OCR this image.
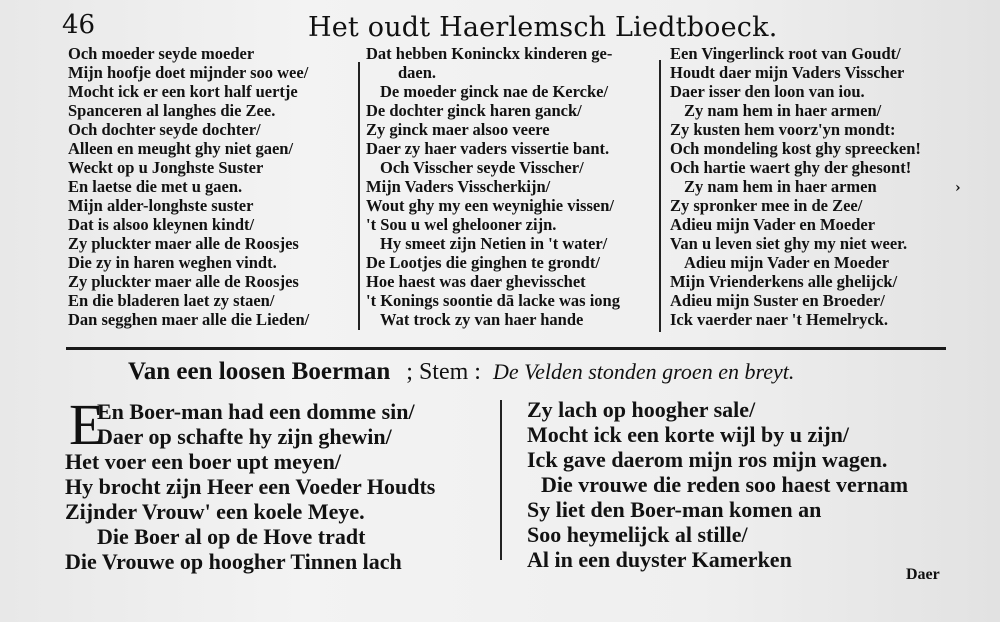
46	Het oudt Haerlemsch Liedtboeck.
Och moeder seyde moeder
Mijn hoofje doet mijnder soo wee/
Mocht ick er een kort half uertje
Spanceren al langhes die Zee.
Och dochter seyde dochter/
Alleen en meught ghy niet gaen/
Weckt op u Jonghste Suster
En laetse die met u gaen.
Mijn alder-longhste suster
Dat is alsoo kleynen kindt/
Zy pluckter maer alle de Roosjes
Die zy in haren weghen vindt.
Zy pluckter maer alle de Roosjes
En die bladeren laet zy staen/
Dan segghen maer alle die Lieden/
Dat hebben Koninckx kinderen ge-
daen.
De moeder ginck nae de Kercke/
De dochter ginck haren ganck/
Zy ginck maer alsoo veere
Daer zy haer vaders vissertie bant.
Och Visscher seyde Visscher/
Mijn Vaders Visscherkijn/
Wout ghy my een weynighie vissen/
't Sou u wel ghelooner zijn.
Hy smeet zijn Netien in 't water/
De Lootjes die ginghen te grondt/
Hoe haest was daer ghevisschet
't Konings soontie dā lacke was iong
Wat trock zy van haer hande
Een Vingerlinck root van Goudt/
Houdt daer mijn Vaders Visscher
Daer isser den loon van iou.
Zy nam hem in haer armen/
Zy kusten hem voorz'yn mondt:
Och mondeling kost ghy spreecken!
Och hartie waert ghy der ghesont!
Zy nam hem in haer armen
Zy spronker mee in de Zee/
Adieu mijn Vader en Moeder
Van u leven siet ghy my niet weer.
Adieu mijn Vader en Moeder
Mijn Vrienderkens alle ghelijck/
Adieu mijn Suster en Broeder/
Ick vaerder naer 't Hemelryck.
›
Van een loosen Boerman ; Stem : De Velden stonden groen en breyt.
E
En Boer-man had een domme sin/
Daer op schafte hy zijn ghewin/
Het voer een boer upt meyen/
Hy brocht zijn Heer een Voeder Houdts
Zijnder Vrouw' een koele Meye.
Die Boer al op de Hove tradt
Die Vrouwe op hoogher Tinnen lach
Zy lach op hoogher sale/
Mocht ick een korte wijl by u zijn/
Ick gave daerom mijn ros mijn wagen.
Die vrouwe die reden soo haest vernam
Sy liet den Boer-man komen an
Soo heymelijck al stille/
Al in een duyster Kamerken
Daer
